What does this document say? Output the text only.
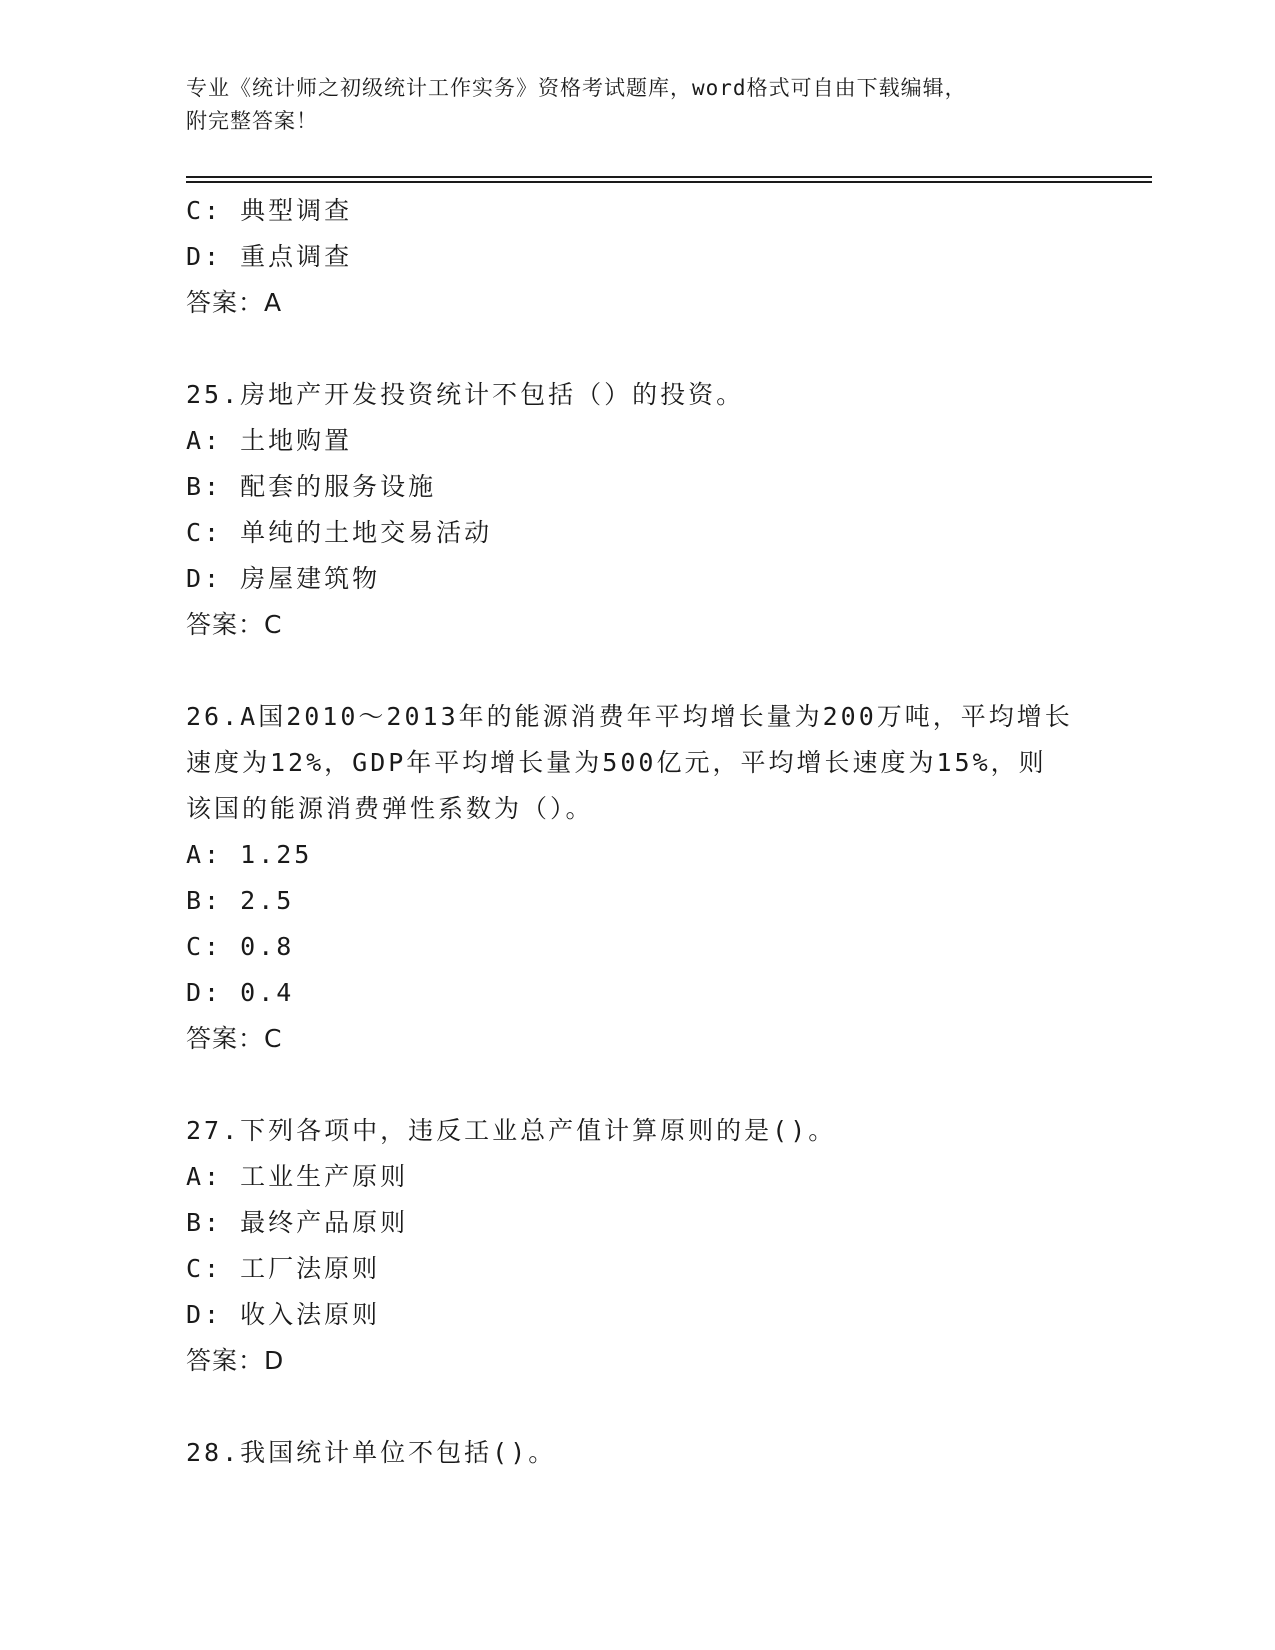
专业《统计师之初级统计工作实务》资格考试题库，word格式可自由下载编辑，
附完整答案！
C: 典型调查
D: 重点调查
答案：A
25.房地产开发投资统计不包括（）的投资。
A: 土地购置
B: 配套的服务设施
C: 单纯的土地交易活动
D: 房屋建筑物
答案：C
26.A国2010～2013年的能源消费年平均增长量为200万吨，平均增长
速度为12%，GDP年平均增长量为500亿元，平均增长速度为15%，则
该国的能源消费弹性系数为（）。
A: 1.25
B: 2.5
C: 0.8
D: 0.4
答案：C
27.下列各项中，违反工业总产值计算原则的是()。
A: 工业生产原则
B: 最终产品原则
C: 工厂法原则
D: 收入法原则
答案：D
28.我国统计单位不包括()。
